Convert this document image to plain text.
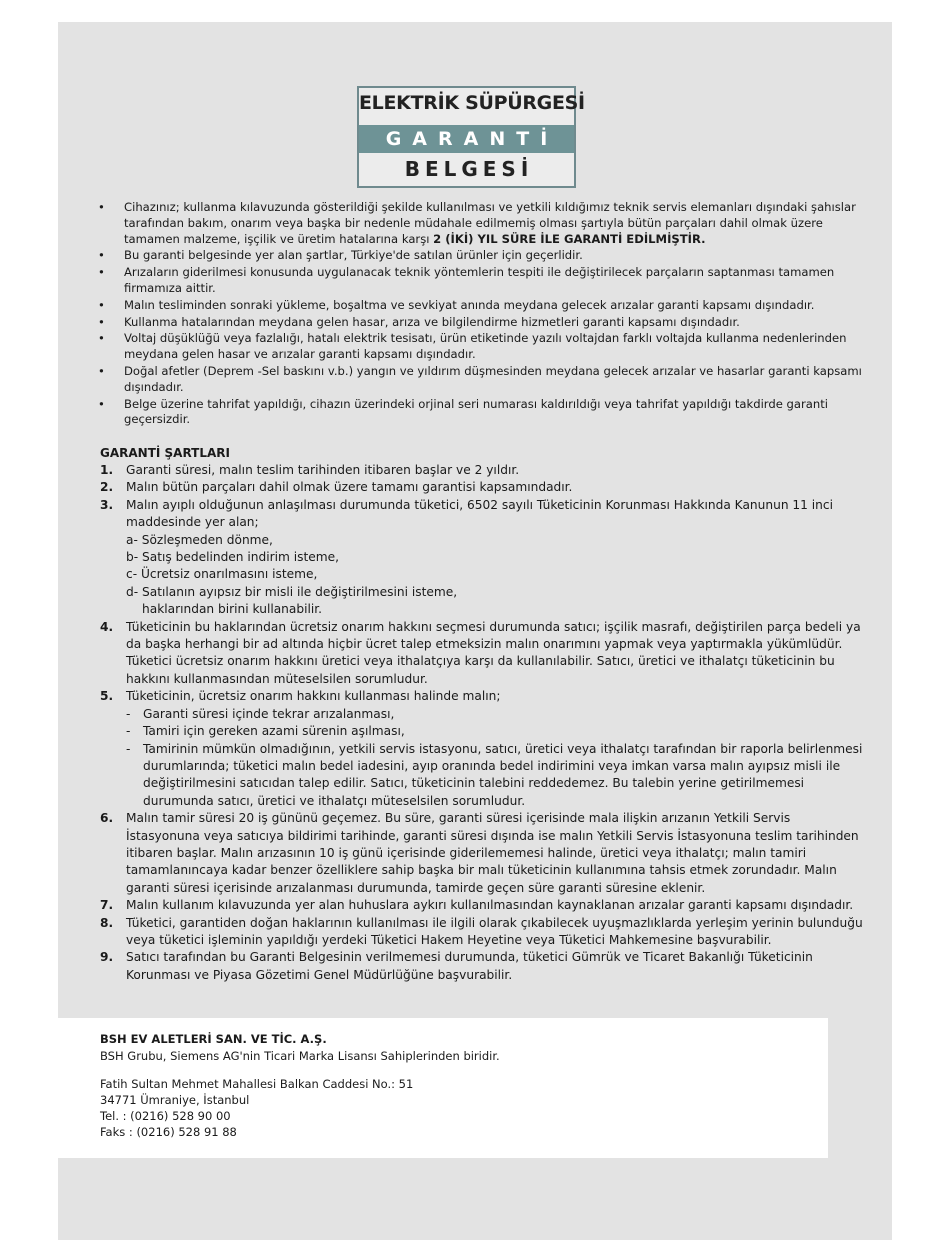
ELEKTRİK SÜPÜRGESİ
GARANTİ
BELGESİ
• Cihazınız; kullanma kılavuzunda gösterildiği şekilde kullanılması ve yetkili kıldığımız teknik servis elemanları dışındaki şahıslar tarafından bakım, onarım veya başka bir nedenle müdahale edilmemiş olması şartıyla bütün parçaları dahil olmak üzere tamamen malzeme, işçilik ve üretim hatalarına karşı 2 (İKİ) YIL SÜRE İLE GARANTİ EDİLMİŞTİR.
• Bu garanti belgesinde yer alan şartlar, Türkiye'de satılan ürünler için geçerlidir.
• Arızaların giderilmesi konusunda uygulanacak teknik yöntemlerin tespiti ile değiştirilecek parçaların saptanması tamamen firmamıza aittir.
• Malın tesliminden sonraki yükleme, boşaltma ve sevkiyat anında meydana gelecek arızalar garanti kapsamı dışındadır.
• Kullanma hatalarından meydana gelen hasar, arıza ve bilgilendirme hizmetleri garanti kapsamı dışındadır.
• Voltaj düşüklüğü veya fazlalığı, hatalı elektrik tesisatı, ürün etiketinde yazılı voltajdan farklı voltajda kullanma nedenlerinden meydana gelen hasar ve arızalar garanti kapsamı dışındadır.
• Doğal afetler (Deprem -Sel baskını v.b.) yangın ve yıldırım düşmesinden meydana gelecek arızalar ve hasarlar garanti kapsamı dışındadır.
• Belge üzerine tahrifat yapıldığı, cihazın üzerindeki orjinal seri numarası kaldırıldığı veya tahrifat yapıldığı takdirde garanti geçersizdir.
GARANTİ ŞARTLARI
1. Garanti süresi, malın teslim tarihinden itibaren başlar ve 2 yıldır.
2. Malın bütün parçaları dahil olmak üzere tamamı garantisi kapsamındadır.
3. Malın ayıplı olduğunun anlaşılması durumunda tüketici, 6502 sayılı Tüketicinin Korunması Hakkında Kanunun 11 inci maddesinde yer alan;
a- Sözleşmeden dönme,
b- Satış bedelinden indirim isteme,
c- Ücretsiz onarılmasını isteme,
d- Satılanın ayıpsız bir misli ile değiştirilmesini isteme,
haklarından birini kullanabilir.
4. Tüketicinin bu haklarından ücretsiz onarım hakkını seçmesi durumunda satıcı; işçilik masrafı, değiştirilen parça bedeli ya da başka herhangi bir ad altında hiçbir ücret talep etmeksizin malın onarımını yapmak veya yaptırmakla yükümlüdür. Tüketici ücretsiz onarım hakkını üretici veya ithalatçıya karşı da kullanılabilir. Satıcı, üretici ve ithalatçı tüketicinin bu hakkını kullanmasından müteselsilen sorumludur.
5. Tüketicinin, ücretsiz onarım hakkını kullanması halinde malın;
- Garanti süresi içinde tekrar arızalanması,
- Tamiri için gereken azami sürenin aşılması,
- Tamirinin mümkün olmadığının, yetkili servis istasyonu, satıcı, üretici veya ithalatçı tarafından bir raporla belirlenmesi durumlarında; tüketici malın bedel iadesini, ayıp oranında bedel indirimini veya imkan varsa malın ayıpsız misli ile değiştirilmesini satıcıdan talep edilir. Satıcı, tüketicinin talebini reddedemez. Bu talebin yerine getirilmemesi durumunda satıcı, üretici ve ithalatçı müteselsilen sorumludur.
6. Malın tamir süresi 20 iş gününü geçemez. Bu süre, garanti süresi içerisinde mala ilişkin arızanın Yetkili Servis İstasyonuna veya satıcıya bildirimi tarihinde, garanti süresi dışında ise malın Yetkili Servis İstasyonuna teslim tarihinden itibaren başlar. Malın arızasının 10 iş günü içerisinde giderilememesi halinde, üretici veya ithalatçı; malın tamiri tamamlanıncaya kadar benzer özelliklere sahip başka bir malı tüketicinin kullanımına tahsis etmek zorundadır. Malın garanti süresi içerisinde arızalanması durumunda, tamirde geçen süre garanti süresine eklenir.
7. Malın kullanım kılavuzunda yer alan huhuslara aykırı kullanılmasından kaynaklanan arızalar garanti kapsamı dışındadır.
8. Tüketici, garantiden doğan haklarının kullanılması ile ilgili olarak çıkabilecek uyuşmazlıklarda yerleşim yerinin bulunduğu veya tüketici işleminin yapıldığı yerdeki Tüketici Hakem Heyetine veya Tüketici Mahkemesine başvurabilir.
9. Satıcı tarafından bu Garanti Belgesinin verilmemesi durumunda, tüketici Gümrük ve Ticaret Bakanlığı Tüketicinin Korunması ve Piyasa Gözetimi Genel Müdürlüğüne başvurabilir.
BSH EV ALETLERİ SAN. VE TİC. A.Ş.
BSH Grubu, Siemens AG'nin Ticari Marka Lisansı Sahiplerinden biridir.
Fatih Sultan Mehmet Mahallesi Balkan Caddesi No.: 51
34771 Ümraniye, İstanbul
Tel. : (0216) 528 90 00
Faks : (0216) 528 91 88
